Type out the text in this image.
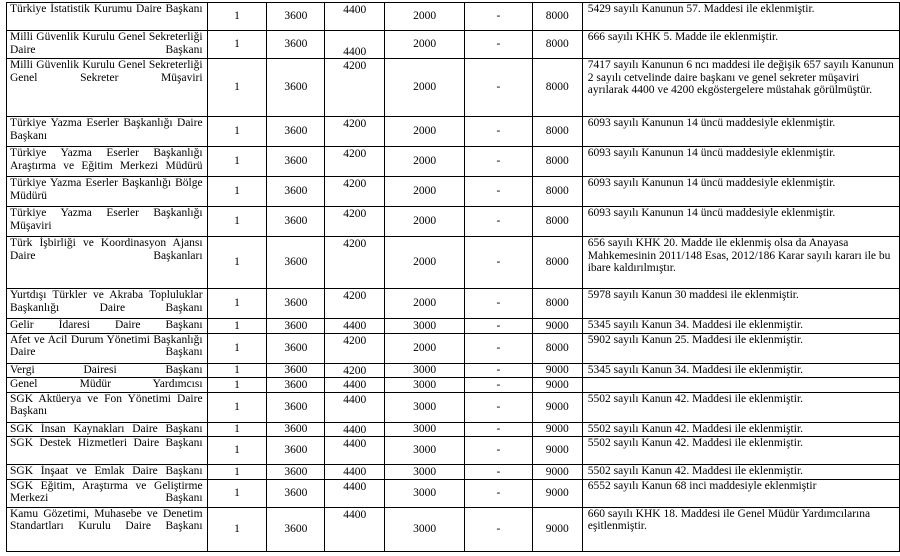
Türkiye İstatistik Kurumu Daire Başkanı	1	3600	4400	2000	-	8000	5429 sayılı Kanunun 57. Maddesi ile eklenmiştir.
Milli Güvenlik Kurulu Genel Sekreterliği Daire Başkanı	1	3600	4400	2000	-	8000	666 sayılı KHK 5. Madde ile eklenmiştir.
Milli Güvenlik Kurulu Genel Sekreterliği Genel Sekreter Müşaviri	1	3600	4200	2000	-	8000	7417 sayılı Kanunun 6 ncı maddesi ile değişik 657 sayılı Kanunun 2 sayılı cetvelinde daire başkanı ve genel sekreter müşaviri ayrılarak 4400 ve 4200 ekgöstergelere müstahak görülmüştür.
Türkiye Yazma Eserler Başkanlığı Daire Başkanı	1	3600	4200	2000	-	8000	6093 sayılı Kanunun 14 üncü maddesiyle eklenmiştir.
Türkiye Yazma Eserler Başkanlığı Araştırma ve Eğitim Merkezi Müdürü	1	3600	4200	2000	-	8000	6093 sayılı Kanunun 14 üncü maddesiyle eklenmiştir.
Türkiye Yazma Eserler Başkanlığı Bölge Müdürü	1	3600	4200	2000	-	8000	6093 sayılı Kanunun 14 üncü maddesiyle eklenmiştir.
Türkiye Yazma Eserler Başkanlığı Müşaviri	1	3600	4200	2000	-	8000	6093 sayılı Kanunun 14 üncü maddesiyle eklenmiştir.
Türk İşbirliği ve Koordinasyon Ajansı Daire Başkanları	1	3600	4200	2000	-	8000	656 sayılı KHK 20. Madde ile eklenmiş olsa da Anayasa Mahkemesinin 2011/148 Esas, 2012/186 Karar sayılı kararı ile bu ibare kaldırılmıştır.
Yurtdışı Türkler ve Akraba Topluluklar Başkanlığı Daire Başkanı	1	3600	4200	2000	-	8000	5978 sayılı Kanun 30 maddesi ile eklenmiştir.
Gelir İdaresi Daire Başkanı	1	3600	4400	3000	-	9000	5345 sayılı Kanun 34. Maddesi ile eklenmiştir.
Afet ve Acil Durum Yönetimi Başkanlığı Daire Başkanı	1	3600	4200	2000	-	8000	5902 sayılı Kanun 25. Maddesi ile eklenmiştir.
Vergi Dairesi Başkanı	1	3600	4200	3000	-	9000	5345 sayılı Kanun 34. Maddesi ile eklenmiştir.
Genel Müdür Yardımcısı	1	3600	4400	3000	-	9000	
SGK Aktüerya ve Fon Yönetimi Daire Başkanı	1	3600	4400	3000	-	9000	5502 sayılı Kanun 42. Maddesi ile eklenmiştir.
SGK İnsan Kaynakları Daire Başkanı	1	3600	4400	3000	-	9000	5502 sayılı Kanun 42. Maddesi ile eklenmiştir.
SGK Destek Hizmetleri Daire Başkanı	1	3600	4400	3000	-	9000	5502 sayılı Kanun 42. Maddesi ile eklenmiştir.
SGK İnşaat ve Emlak Daire Başkanı	1	3600	4400	3000	-	9000	5502 sayılı Kanun 42. Maddesi ile eklenmiştir.
SGK Eğitim, Araştırma ve Geliştirme Merkezi Başkanı	1	3600	4400	3000	-	9000	6552 sayılı Kanun 68 inci maddesiyle eklenmiştir
Kamu Gözetimi, Muhasebe ve Denetim Standartları Kurulu Daire Başkanı	1	3600	4400	3000	-	9000	660 sayılı KHK 18. Maddesi ile Genel Müdür Yardımcılarına eşitlenmiştir.
